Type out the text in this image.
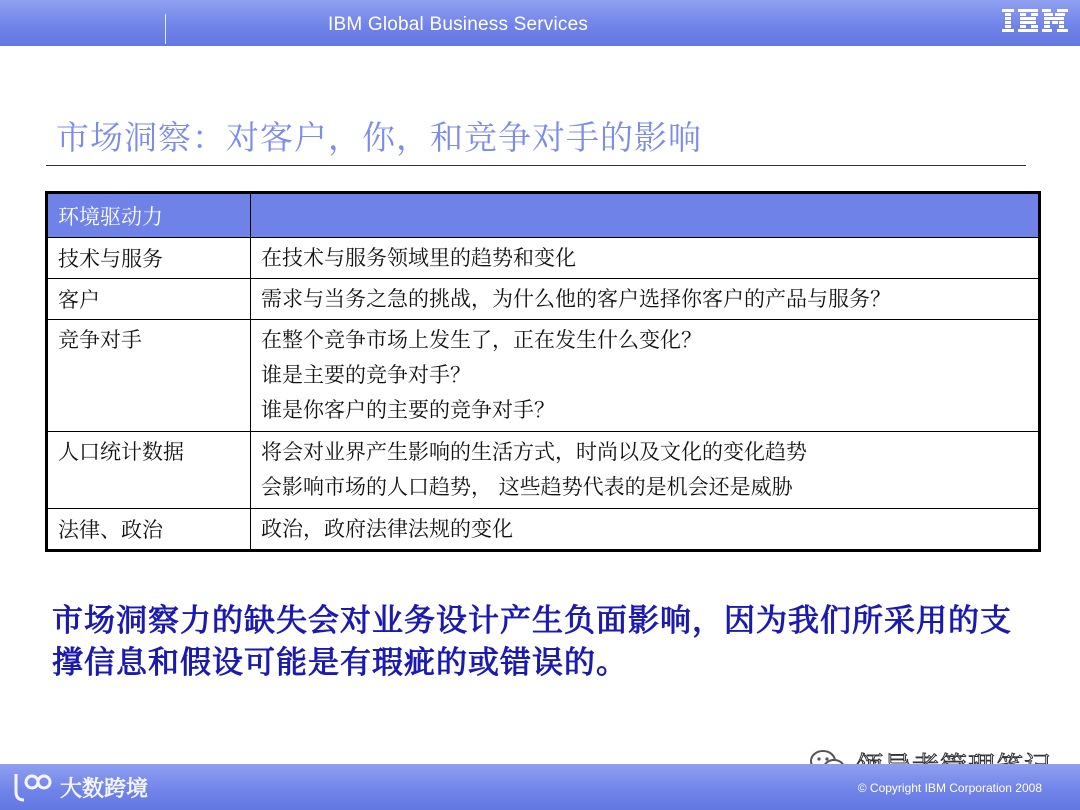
IBM Global Business Services
市场洞察：对客户，你，和竞争对手的影响
环境驱动力	
技术与服务	在技术与服务领域里的趋势和变化

客户	需求与当务之急的挑战，为什么他的客户选择你客户的产品与服务？

竞争对手	在整个竞争市场上发生了，正在发生什么变化？
谁是主要的竞争对手？
谁是你客户的主要的竞争对手？

人口统计数据	将会对业界产生影响的生活方式，时尚以及文化的变化趋势
会影响市场的人口趋势， 这些趋势代表的是机会还是威胁

法律、政治	政治，政府法律法规的变化
市场洞察力的缺失会对业务设计产生负面影响，因为我们所采用的支撑信息和假设可能是有瑕疵的或错误的。
大数跨境	© Copyright IBM Corporation 2008
